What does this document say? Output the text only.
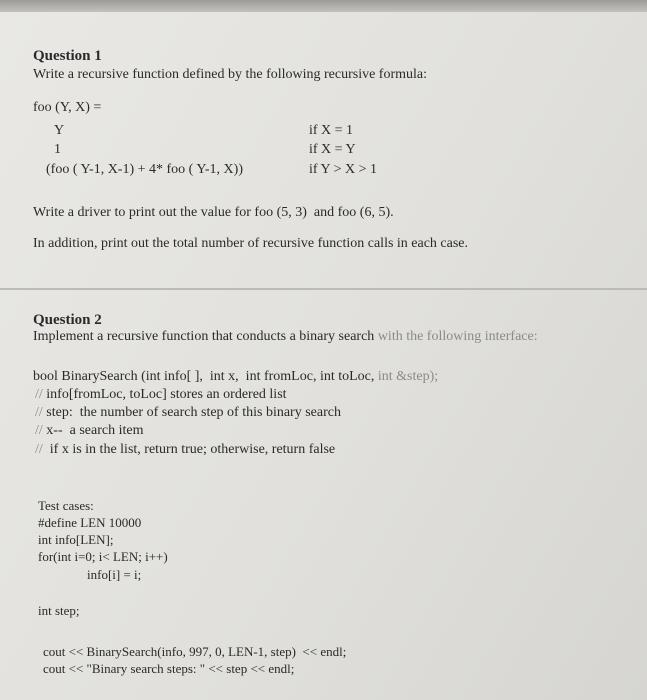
Question 1
Write a recursive function defined by the following recursive formula:
foo (Y, X) =
Y	if X = 1
1	if X = Y
(foo ( Y-1, X-1) + 4* foo ( Y-1, X))	if Y > X > 1
Write a driver to print out the value for foo (5, 3)  and foo (6, 5).
In addition, print out the total number of recursive function calls in each case.
Question 2
Implement a recursive function that conducts a binary search with the following interface:
bool BinarySearch (int info[ ],  int x,  int fromLoc, int toLoc, int &step);
// info[fromLoc, toLoc] stores an ordered list
// step:  the number of search step of this binary search
// x--  a search item
//  if x is in the list, return true; otherwise, return false
Test cases:
#define LEN 10000
int info[LEN];
for(int i=0; i< LEN; i++)
info[i] = i;
int step;
cout << BinarySearch(info, 997, 0, LEN-1, step)  << endl;
cout << "Binary search steps: " << step << endl;
